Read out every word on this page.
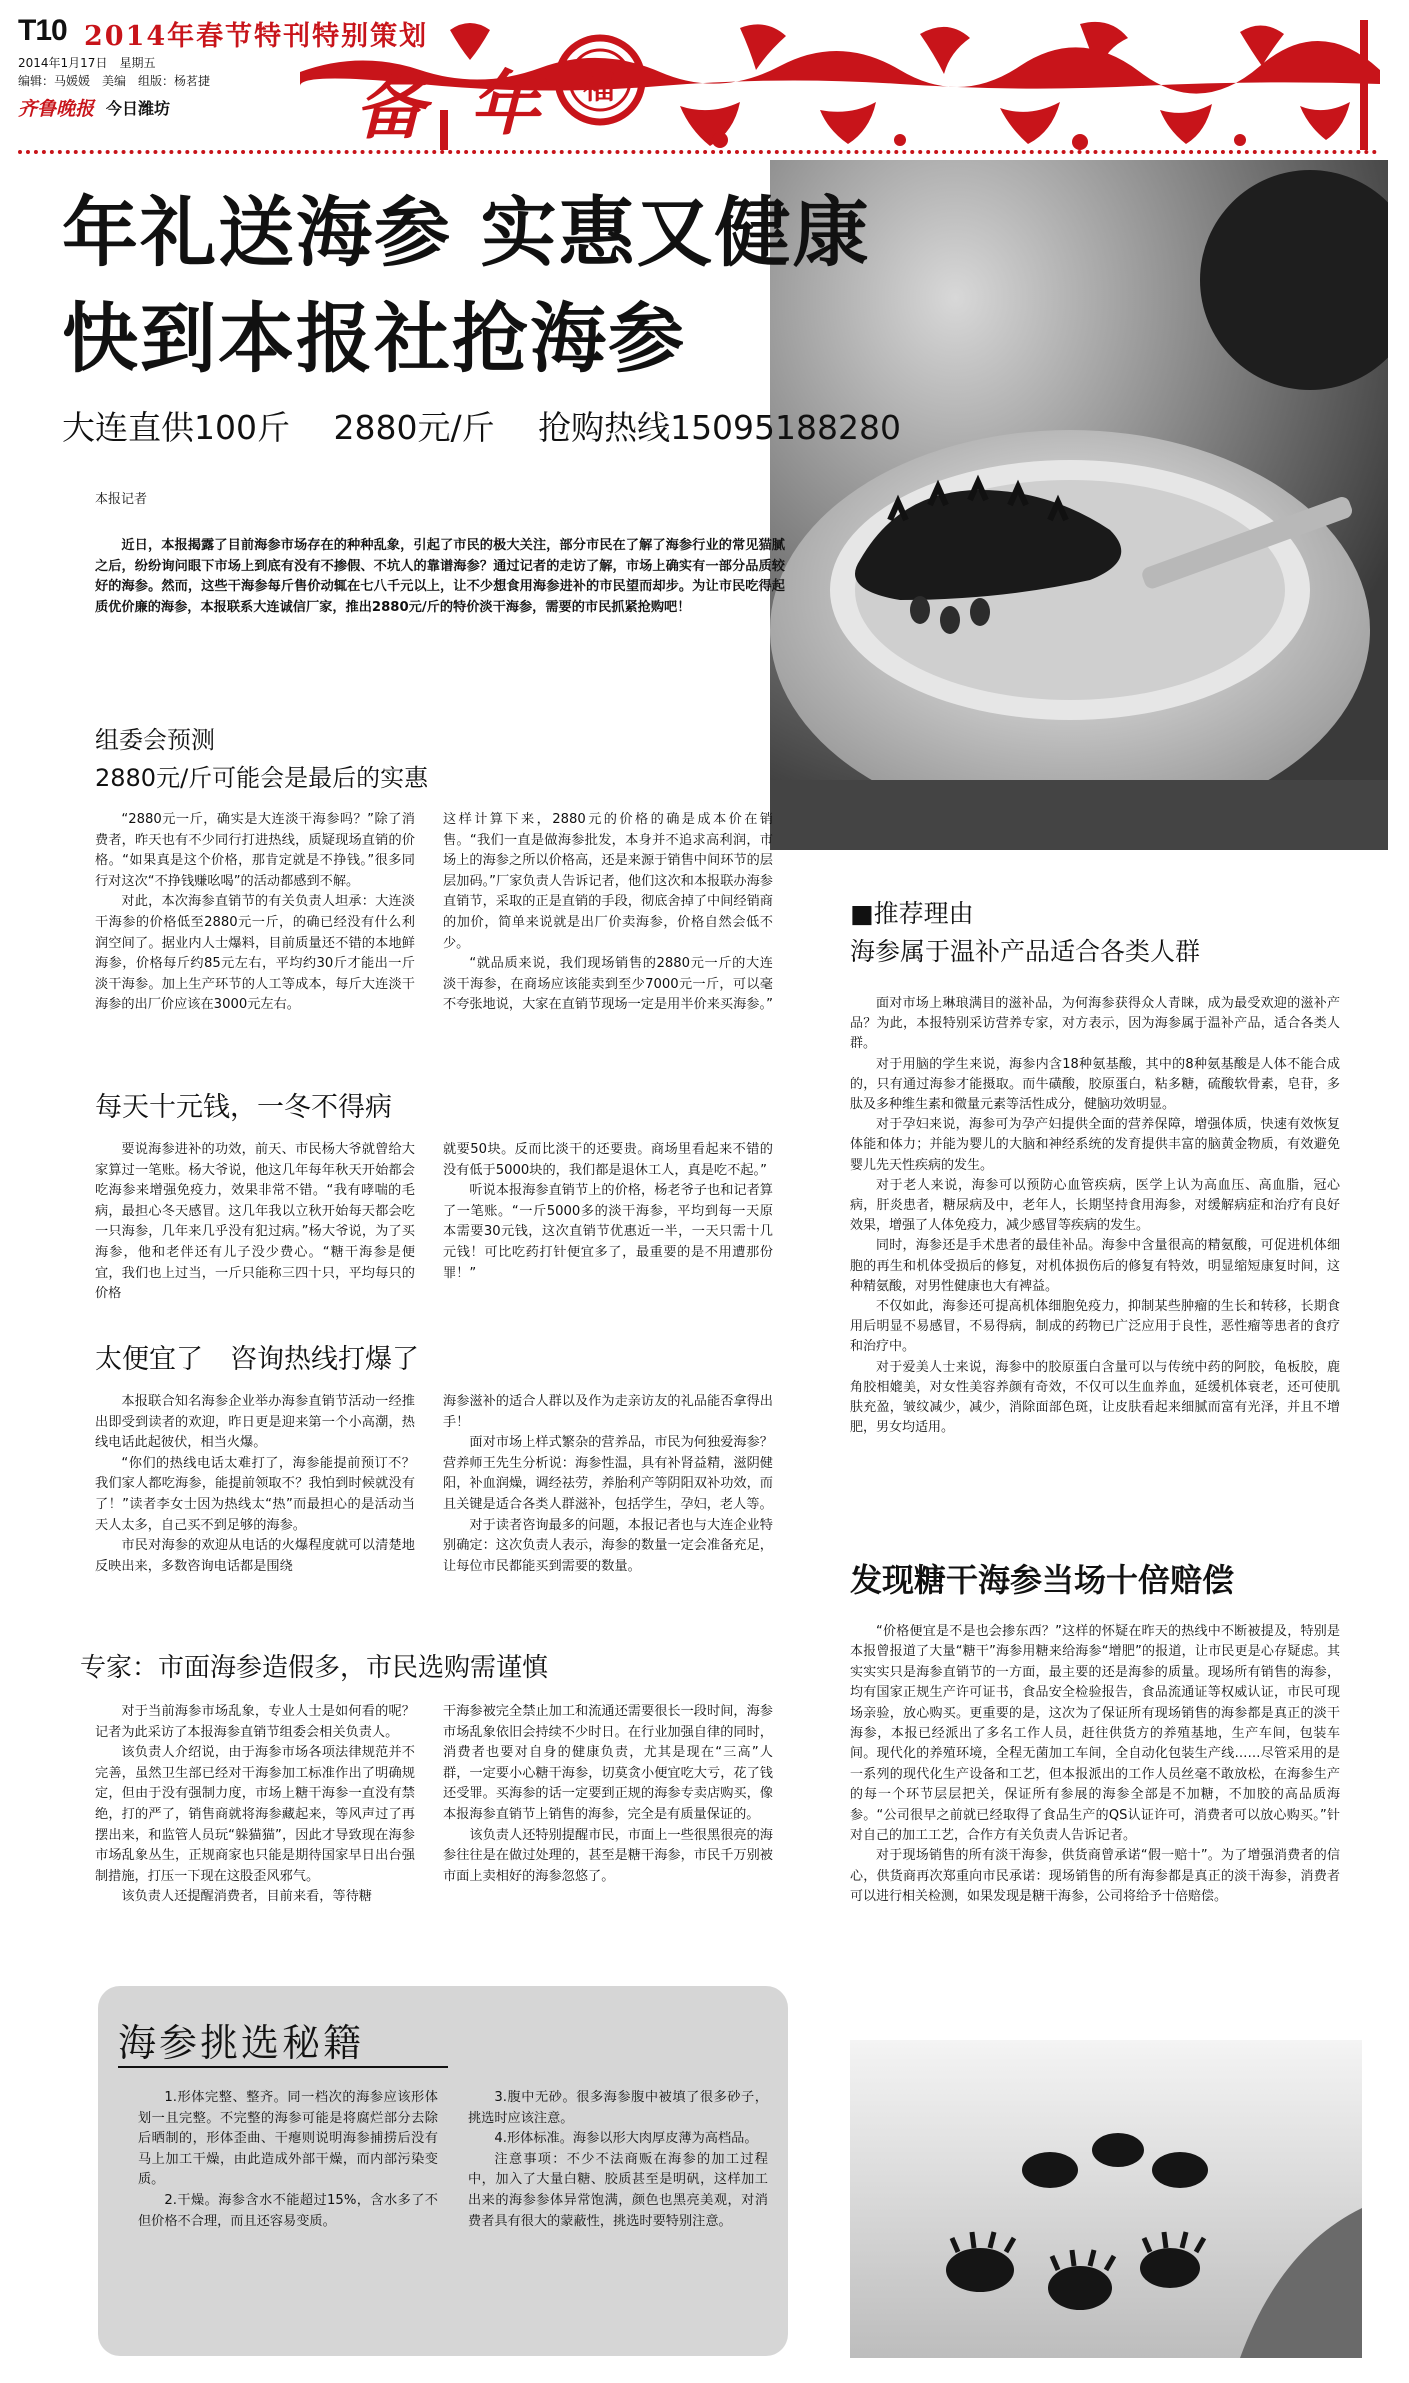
T10
2014年1月17日　星期五
编辑：马媛媛　美编　组版：杨茗捷
齐鲁晚报 今日潍坊
2014年春节特刊特别策划
备 年 福
年礼送海参 实惠又健康
快到本报社抢海参
大连直供100斤　 2880元/斤　 抢购热线15095188280
本报记者

近日，本报揭露了目前海参市场存在的种种乱象，引起了市民的极大关注，部分市民在了解了海参行业的常见猫腻之后，纷纷询问眼下市场上到底有没有不掺假、不坑人的靠谱海参？通过记者的走访了解，市场上确实有一部分品质较好的海参。然而，这些干海参每斤售价动辄在七八千元以上，让不少想食用海参进补的市民望而却步。为让市民吃得起质优价廉的海参，本报联系大连诚信厂家，推出2880元/斤的特价淡干海参，需要的市民抓紧抢购吧！

组委会预测
2880元/斤可能会是最后的实惠

“2880元一斤，确实是大连淡干海参吗？”除了消费者，昨天也有不少同行打进热线，质疑现场直销的价格。“如果真是这个价格，那肯定就是不挣钱。”很多同行对这次“不挣钱赚吆喝”的活动都感到不解。

对此，本次海参直销节的有关负责人坦承：大连淡干海参的价格低至2880元一斤，的确已经没有什么利润空间了。据业内人士爆料，目前质量还不错的本地鲜海参，价格每斤约85元左右，平均约30斤才能出一斤淡干海参。加上生产环节的人工等成本，每斤大连淡干海参的出厂价应该在3000元左右。

这样计算下来，2880元的价格的确是成本价在销售。“我们一直是做海参批发，本身并不追求高利润，市场上的海参之所以价格高，还是来源于销售中间环节的层层加码。”厂家负责人告诉记者，他们这次和本报联办海参直销节，采取的正是直销的手段，彻底舍掉了中间经销商的加价，简单来说就是出厂价卖海参，价格自然会低不少。

“就品质来说，我们现场销售的2880元一斤的大连淡干海参，在商场应该能卖到至少7000元一斤，可以毫不夸张地说，大家在直销节现场一定是用半价来买海参。”

每天十元钱，一冬不得病

要说海参进补的功效，前天、市民杨大爷就曾给大家算过一笔账。杨大爷说，他这几年每年秋天开始都会吃海参来增强免疫力，效果非常不错。“我有哮喘的毛病，最担心冬天感冒。这几年我以立秋开始每天都会吃一只海参，几年来几乎没有犯过病。”杨大爷说，为了买海参，他和老伴还有儿子没少费心。“糖干海参是便宜，我们也上过当，一斤只能称三四十只，平均每只的价格

就要50块。反而比淡干的还要贵。商场里看起来不错的没有低于5000块的，我们都是退休工人，真是吃不起。”

听说本报海参直销节上的价格，杨老爷子也和记者算了一笔账。“一斤5000多的淡干海参，平均到每一天原本需要30元钱，这次直销节优惠近一半，一天只需十几元钱！可比吃药打针便宜多了，最重要的是不用遭那份罪！”

太便宜了　咨询热线打爆了

本报联合知名海参企业举办海参直销节活动一经推出即受到读者的欢迎，昨日更是迎来第一个小高潮，热线电话此起彼伏，相当火爆。

“你们的热线电话太难打了，海参能提前预订不？我们家人都吃海参，能提前领取不？我怕到时候就没有了！”读者李女士因为热线太“热”而最担心的是活动当天人太多，自己买不到足够的海参。

市民对海参的欢迎从电话的火爆程度就可以清楚地反映出来，多数咨询电话都是围绕

海参滋补的适合人群以及作为走亲访友的礼品能否拿得出手！

面对市场上样式繁杂的营养品，市民为何独爱海参？营养师王先生分析说：海参性温，具有补肾益精，滋阴健阳，补血润燥，调经祛劳，养胎利产等阴阳双补功效，而且关键是适合各类人群滋补，包括学生，孕妇，老人等。

对于读者咨询最多的问题，本报记者也与大连企业特别确定：这次负责人表示，海参的数量一定会准备充足，让每位市民都能买到需要的数量。

专家：市面海参造假多，市民选购需谨慎

对于当前海参市场乱象，专业人士是如何看的呢？记者为此采访了本报海参直销节组委会相关负责人。

该负责人介绍说，由于海参市场各项法律规范并不完善，虽然卫生部已经对干海参加工标准作出了明确规定，但由于没有强制力度，市场上糖干海参一直没有禁绝，打的严了，销售商就将海参藏起来，等风声过了再摆出来，和监管人员玩“躲猫猫”，因此才导致现在海参市场乱象丛生，正规商家也只能是期待国家早日出台强制措施，打压一下现在这股歪风邪气。

该负责人还提醒消费者，目前来看，等待糖

干海参被完全禁止加工和流通还需要很长一段时间，海参市场乱象依旧会持续不少时日。在行业加强自律的同时，消费者也要对自身的健康负责，尤其是现在“三高”人群，一定要小心糖干海参，切莫贪小便宜吃大亏，花了钱还受罪。买海参的话一定要到正规的海参专卖店购买，像本报海参直销节上销售的海参，完全是有质量保证的。

该负责人还特别提醒市民，市面上一些很黑很亮的海参往往是在做过处理的，甚至是糖干海参，市民千万别被市面上卖相好的海参忽悠了。

海参挑选秘籍

1.形体完整、整齐。同一档次的海参应该形体划一且完整。不完整的海参可能是将腐烂部分去除后晒制的，形体歪曲、干瘪则说明海参捕捞后没有马上加工干燥，由此造成外部干燥，而内部污染变质。

2.干燥。海参含水不能超过15%，含水多了不但价格不合理，而且还容易变质。

3.腹中无砂。很多海参腹中被填了很多砂子，挑选时应该注意。

4.形体标准。海参以形大肉厚皮薄为高档品。

注意事项：不少不法商贩在海参的加工过程中，加入了大量白糖、胶质甚至是明矾，这样加工出来的海参参体异常饱满，颜色也黑亮美观，对消费者具有很大的蒙蔽性，挑选时要特别注意。

■推荐理由
海参属于温补产品适合各类人群

面对市场上琳琅满目的滋补品，为何海参获得众人青睐，成为最受欢迎的滋补产品？为此，本报特别采访营养专家，对方表示，因为海参属于温补产品，适合各类人群。

对于用脑的学生来说，海参内含18种氨基酸，其中的8种氨基酸是人体不能合成的，只有通过海参才能摄取。而牛磺酸，胶原蛋白，粘多糖，硫酸软骨素，皂苷，多肽及多种维生素和微量元素等活性成分，健脑功效明显。

对于孕妇来说，海参可为孕产妇提供全面的营养保障，增强体质，快速有效恢复体能和体力；并能为婴儿的大脑和神经系统的发育提供丰富的脑黄金物质，有效避免婴儿先天性疾病的发生。

对于老人来说，海参可以预防心血管疾病，医学上认为高血压、高血脂，冠心病，肝炎患者，糖尿病及中，老年人，长期坚持食用海参，对缓解病症和治疗有良好效果，增强了人体免疫力，减少感冒等疾病的发生。

同时，海参还是手术患者的最佳补品。海参中含量很高的精氨酸，可促进机体细胞的再生和机体受损后的修复，对机体损伤后的修复有特效，明显缩短康复时间，这种精氨酸，对男性健康也大有裨益。

不仅如此，海参还可提高机体细胞免疫力，抑制某些肿瘤的生长和转移，长期食用后明显不易感冒，不易得病，制成的药物已广泛应用于良性，恶性瘤等患者的食疗和治疗中。

对于爱美人士来说，海参中的胶原蛋白含量可以与传统中药的阿胶，龟板胶，鹿角胶相媲美，对女性美容养颜有奇效，不仅可以生血养血，延缓机体衰老，还可使肌肤充盈，皱纹减少，减少，消除面部色斑，让皮肤看起来细腻而富有光泽，并且不增肥，男女均适用。

发现糖干海参当场十倍赔偿

“价格便宜是不是也会掺东西？”这样的怀疑在昨天的热线中不断被提及，特别是本报曾报道了大量“糖干”海参用糖来给海参“增肥”的报道，让市民更是心存疑虑。其实实实只是海参直销节的一方面，最主要的还是海参的质量。现场所有销售的海参，均有国家正规生产许可证书，食品安全检验报告，食品流通证等权威认证，市民可现场亲验，放心购买。更重要的是，这次为了保证所有现场销售的海参都是真正的淡干海参，本报已经派出了多名工作人员，赶往供货方的养殖基地，生产车间，包装车间。现代化的养殖环境，全程无菌加工车间，全自动化包装生产线……尽管采用的是一系列的现代化生产设备和工艺，但本报派出的工作人员丝毫不敢放松，在海参生产的每一个环节层层把关，保证所有参展的海参全部是不加糖，不加胶的高品质海参。“公司很早之前就已经取得了食品生产的QS认证许可，消费者可以放心购买。”针对自己的加工工艺，合作方有关负责人告诉记者。

对于现场销售的所有淡干海参，供货商曾承诺“假一赔十”。为了增强消费者的信心，供货商再次郑重向市民承诺：现场销售的所有海参都是真正的淡干海参，消费者可以进行相关检测，如果发现是糖干海参，公司将给予十倍赔偿。
